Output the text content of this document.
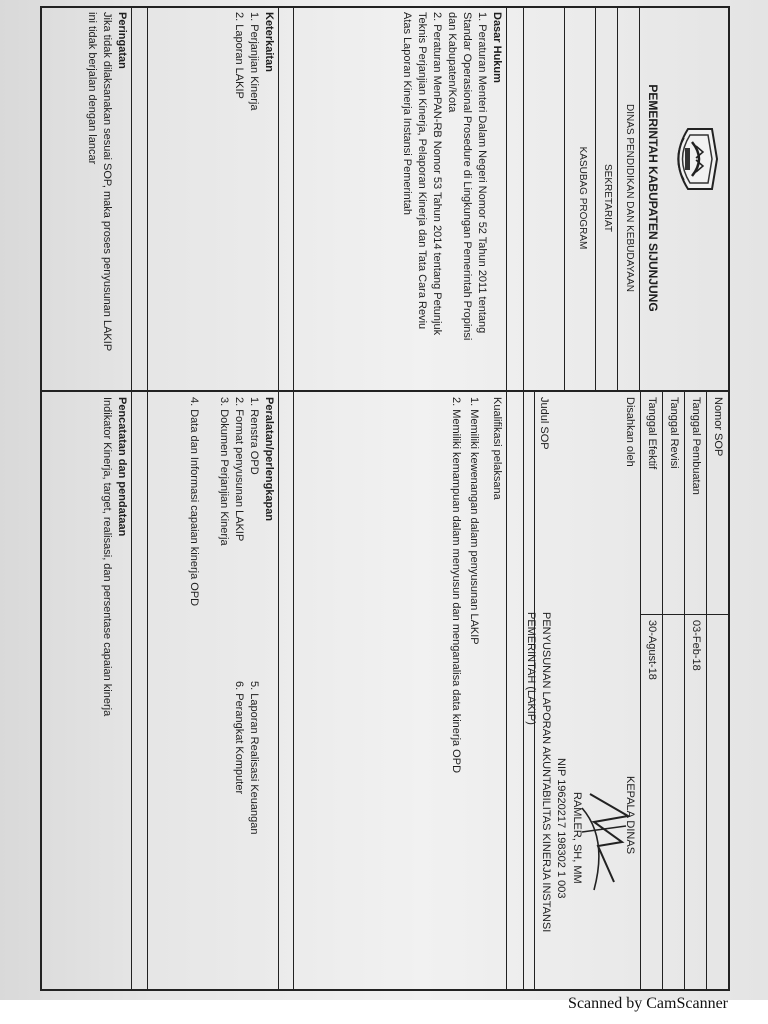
PEMERINTAH KABUPATEN SIJUNJUNG
DINAS PENDIDIKAN DAN KEBUDAYAAN
SEKRETARIAT
KASUBAG PROGRAM
Nomor SOP
Tanggal Pembuatan
03-Feb-18
Tanggal Revisi
Tanggal Efektif
30-Agust-18
Disahkan oleh
KEPALA DINAS
RAMLER, SH, MM
NIP 19620217 198302 1 003
Judul SOP
PENYUSUNAN LAPORAN AKUNTABILITAS KINERJA INSTANSI
PEMERINTAH (LAKIP)
Dasar Hukum
1. Peraturan Menteri Dalam Negeri Nomor 52 Tahun 2011 tentang
Standar Operasional Prosedure di Lingkungan Pemerintah Propinsi
dan Kabupaten/Kota
2. Peraturan MenPAN-RB Nomor 53 Tahun 2014 tentang Petunjuk
Teknis Perjanjian Kinerja, Pelaporan Kinerja dan Tata Cara Reviu
Atas Laporan Kinerja Instansi Pemerintah
Kualifikasi pelaksana
1. Memiliki kewenangan dalam penyusunan LAKIP
2. Memiliki kemampuan dalam menyusun dan menganalisa data kinerja OPD
Keterkaitan
1. Perjanjian Kinerja
2. Laporan LAKIP
Peralatan/perlengkapan
1. Renstra OPD
2. Format penyusunan LAKIP
3. Dokumen Perjanjian Kinerja
4. Data dan Informasi capaian kinerja OPD
5. Laporan Realisasi Keuangan
6. Perangkat Komputer
Peringatan
Jika tidak dilaksanakan sesuai SOP, maka proses penyusunan LAKIP
ini tidak berjalan dengan lancar
Pencatatan dan pendataan
Indikator Kinerja, target, realisasi, dan persentase capaian kinerja
Scanned by CamScanner
